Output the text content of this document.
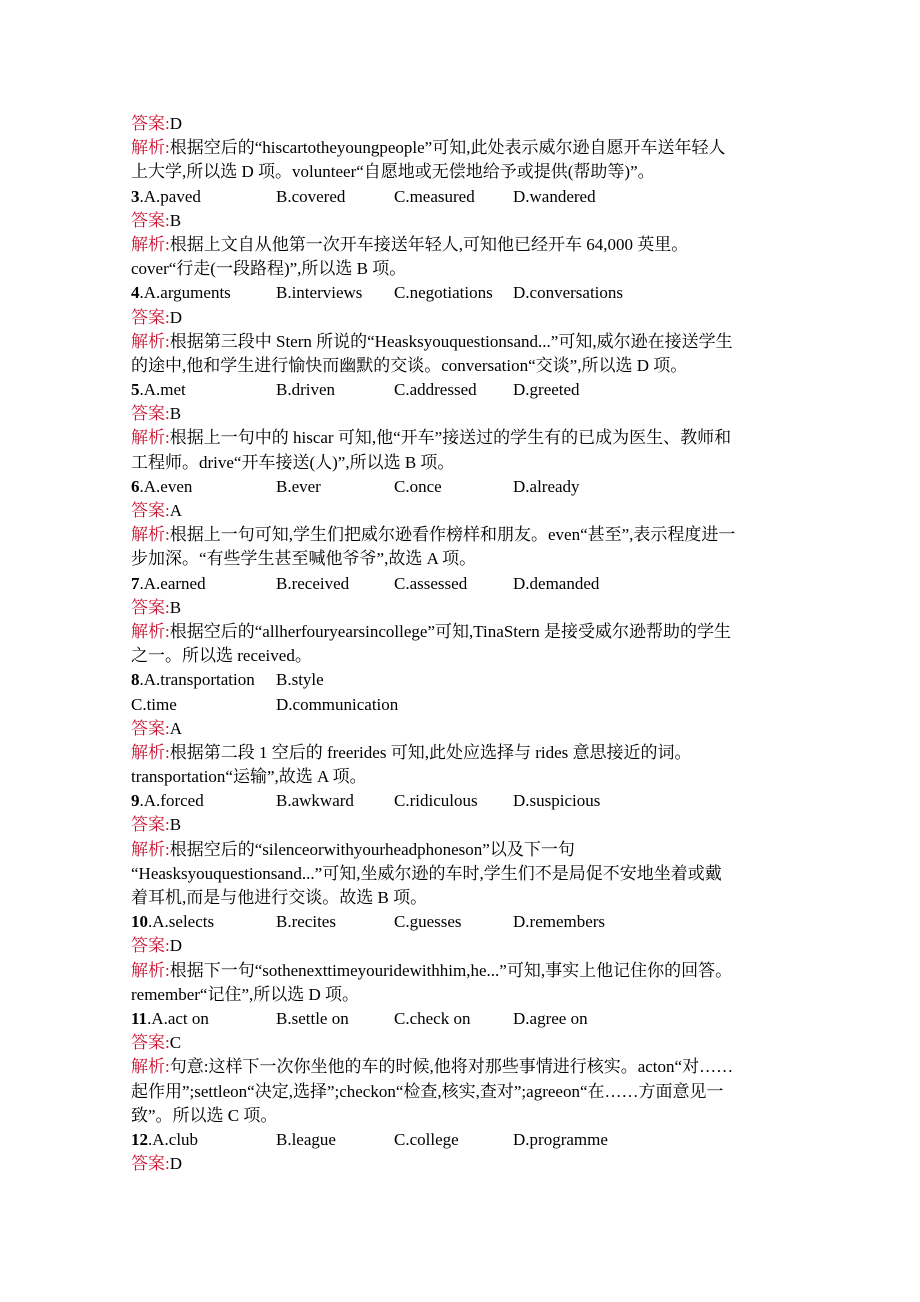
答案:D
解析:根据空后的“hiscartotheyoungpeople”可知,此处表示威尔逊自愿开车送年轻人
上大学,所以选 D 项。volunteer“自愿地或无偿地给予或提供(帮助等)”。
3.A.paved	B.covered	C.measured	D.wandered
答案:B
解析:根据上文自从他第一次开车接送年轻人,可知他已经开车 64,000 英里。
cover“行走(一段路程)”,所以选 B 项。
4.A.arguments	B.interviews	C.negotiations	D.conversations
答案:D
解析:根据第三段中 Stern 所说的“Heasksyouquestionsand...”可知,威尔逊在接送学生
的途中,他和学生进行愉快而幽默的交谈。conversation“交谈”,所以选 D 项。
5.A.met	B.driven	C.addressed	D.greeted
答案:B
解析:根据上一句中的 hiscar 可知,他“开车”接送过的学生有的已成为医生、教师和
工程师。drive“开车接送(人)”,所以选 B 项。
6.A.even	B.ever	C.once	D.already
答案:A
解析:根据上一句可知,学生们把威尔逊看作榜样和朋友。even“甚至”,表示程度进一
步加深。“有些学生甚至喊他爷爷”,故选 A 项。
7.A.earned	B.received	C.assessed	D.demanded
答案:B
解析:根据空后的“allherfouryearsincollege”可知,TinaStern 是接受威尔逊帮助的学生
之一。所以选 received。
8.A.transportation	B.style
C.time	D.communication
答案:A
解析:根据第二段 1 空后的 freerides 可知,此处应选择与 rides 意思接近的词。
transportation“运输”,故选 A 项。
9.A.forced	B.awkward	C.ridiculous	D.suspicious
答案:B
解析:根据空后的“silenceorwithyourheadphoneson”以及下一句
“Heasksyouquestionsand...”可知,坐威尔逊的车时,学生们不是局促不安地坐着或戴
着耳机,而是与他进行交谈。故选 B 项。
10.A.selects	B.recites	C.guesses	D.remembers
答案:D
解析:根据下一句“sothenexttimeyouridewithhim,he...”可知,事实上他记住你的回答。
remember“记住”,所以选 D 项。
11.A.act on	B.settle on	C.check on	D.agree on
答案:C
解析:句意:这样下一次你坐他的车的时候,他将对那些事情进行核实。acton“对……
起作用”;settleon“决定,选择”;checkon“检查,核实,查对”;agreeon“在……方面意见一
致”。所以选 C 项。
12.A.club	B.league	C.college	D.programme
答案:D
